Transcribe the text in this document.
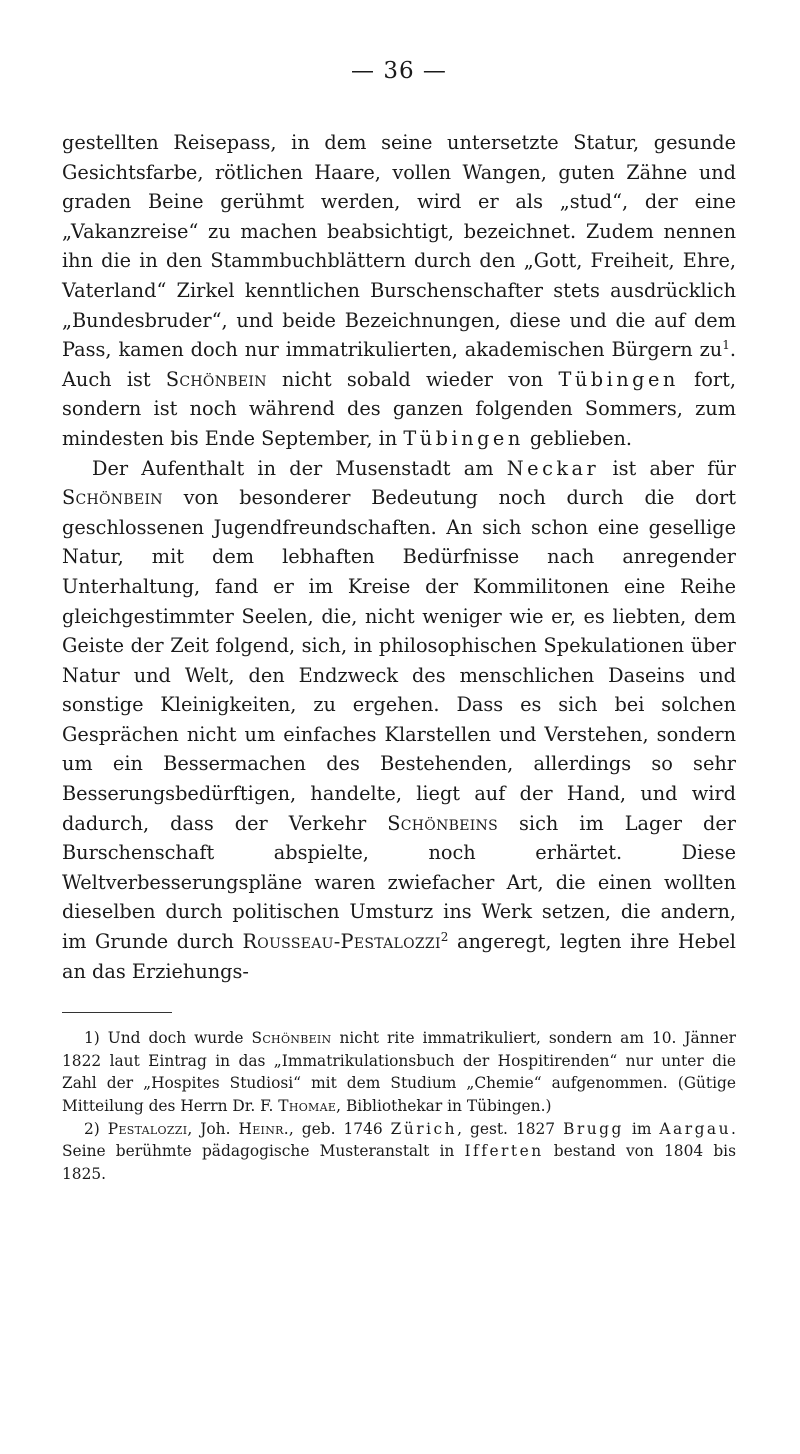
— 36 —

gestellten Reisepass, in dem seine untersetzte Statur, gesunde Gesichtsfarbe, rötlichen Haare, vollen Wangen, guten Zähne und graden Beine gerühmt werden, wird er als „stud“, der eine „Vakanzreise“ zu machen beabsichtigt, bezeichnet. Zudem nennen ihn die in den Stammbuchblättern durch den „Gott, Freiheit, Ehre, Vaterland“ Zirkel kenntlichen Burschenschafter stets ausdrücklich „Bundesbruder“, und beide Bezeichnungen, diese und die auf dem Pass, kamen doch nur immatrikulierten, akademischen Bürgern $zu^1$. Auch ist Schönbein nicht sobald wieder von Tübingen fort, sondern ist noch während des ganzen folgenden Sommers, zum mindesten bis Ende September, in Tübingen geblieben.

Der Aufenthalt in der Musenstadt am Neckar ist aber für Schönbein von besonderer Bedeutung noch durch die dort geschlossenen Jugendfreundschaften. An sich schon eine gesellige Natur, mit dem lebhaften Bedürfnisse nach anregender Unterhaltung, fand er im Kreise der Kommilitonen eine Reihe gleichgestimmter Seelen, die, nicht weniger wie er, es liebten, dem Geiste der Zeit folgend, sich, in philosophischen Spekulationen über Natur und Welt, den Endzweck des menschlichen Daseins und sonstige Kleinigkeiten, zu ergehen. Dass es sich bei solchen Gesprächen nicht um einfaches Klarstellen und Verstehen, sondern um ein Bessermachen des Bestehenden, allerdings so sehr Besserungsbedürftigen, handelte, liegt auf der Hand, und wird dadurch, dass der Verkehr Schönbeins sich im Lager der Burschenschaft abspielte, noch erhärtet. Diese Weltverbesserungspläne waren zwiefacher Art, die einen wollten dieselben durch politischen Umsturz ins Werk setzen, die andern, im Grunde durch Rousseau-Pestalozzi$^2$ angeregt, legten ihre Hebel an das Erziehungs-

1) Und doch wurde Schönbein nicht rite immatrikuliert, sondern am 10. Jänner 1822 laut Eintrag in das „Immatrikulationsbuch der Hospitirenden“ nur unter die Zahl der „Hospites Studiosi“ mit dem Studium „Chemie“ aufgenommen. (Gütige Mitteilung des Herrn Dr. F. Thomae, Bibliothekar in Tübingen.)

2) Pestalozzi, Joh. Heinr., geb. 1746 Zürich, gest. 1827 Brugg im Aargau. Seine berühmte pädagogische Musteranstalt in Ifferten bestand von 1804 bis 1825.
